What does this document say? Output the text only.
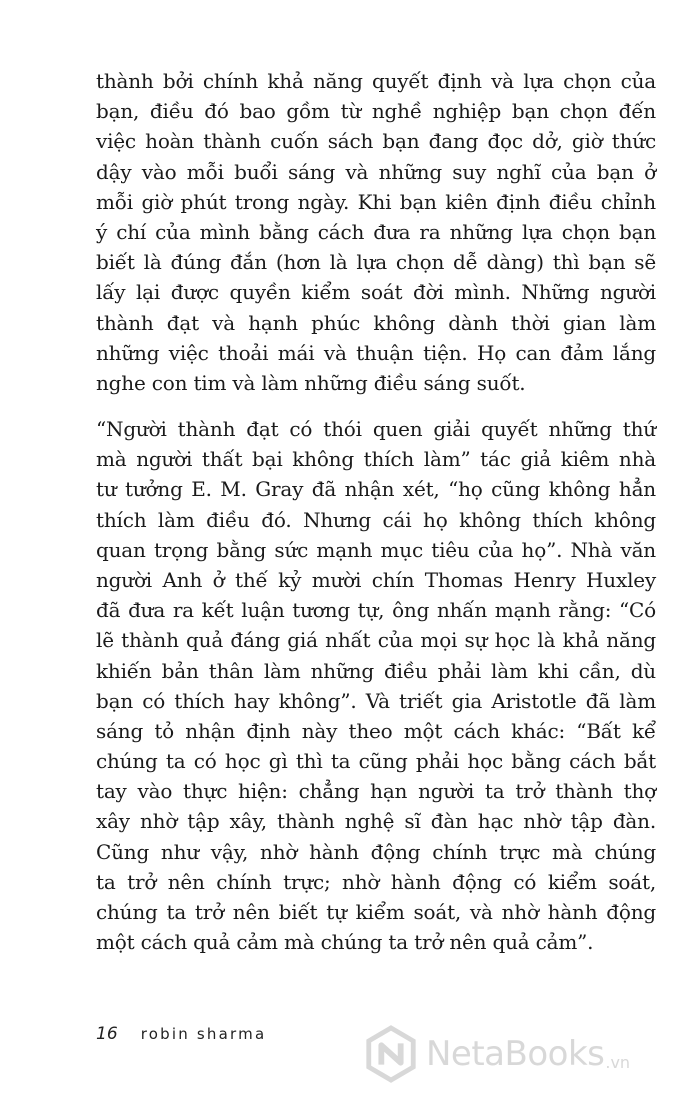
thành bởi chính khả năng quyết định và lựa chọn của
bạn, điều đó bao gồm từ nghề nghiệp bạn chọn đến
việc hoàn thành cuốn sách bạn đang đọc dở, giờ thức
dậy vào mỗi buổi sáng và những suy nghĩ của bạn ở
mỗi giờ phút trong ngày. Khi bạn kiên định điều chỉnh
ý chí của mình bằng cách đưa ra những lựa chọn bạn
biết là đúng đắn (hơn là lựa chọn dễ dàng) thì bạn sẽ
lấy lại được quyền kiểm soát đời mình. Những người
thành đạt và hạnh phúc không dành thời gian làm
những việc thoải mái và thuận tiện. Họ can đảm lắng
nghe con tim và làm những điều sáng suốt.
“Người thành đạt có thói quen giải quyết những thứ
mà người thất bại không thích làm” tác giả kiêm nhà
tư tưởng E. M. Gray đã nhận xét, “họ cũng không hẳn
thích làm điều đó. Nhưng cái họ không thích không
quan trọng bằng sức mạnh mục tiêu của họ”. Nhà văn
người Anh ở thế kỷ mười chín Thomas Henry Huxley
đã đưa ra kết luận tương tự, ông nhấn mạnh rằng: “Có
lẽ thành quả đáng giá nhất của mọi sự học là khả năng
khiến bản thân làm những điều phải làm khi cần, dù
bạn có thích hay không”. Và triết gia Aristotle đã làm
sáng tỏ nhận định này theo một cách khác: “Bất kể
chúng ta có học gì thì ta cũng phải học bằng cách bắt
tay vào thực hiện: chẳng hạn người ta trở thành thợ
xây nhờ tập xây, thành nghệ sĩ đàn hạc nhờ tập đàn.
Cũng như vậy, nhờ hành động chính trực mà chúng
ta trở nên chính trực; nhờ hành động có kiểm soát,
chúng ta trở nên biết tự kiểm soát, và nhờ hành động
một cách quả cảm mà chúng ta trở nên quả cảm”.
16 robin sharma	NetaBooks .vn
